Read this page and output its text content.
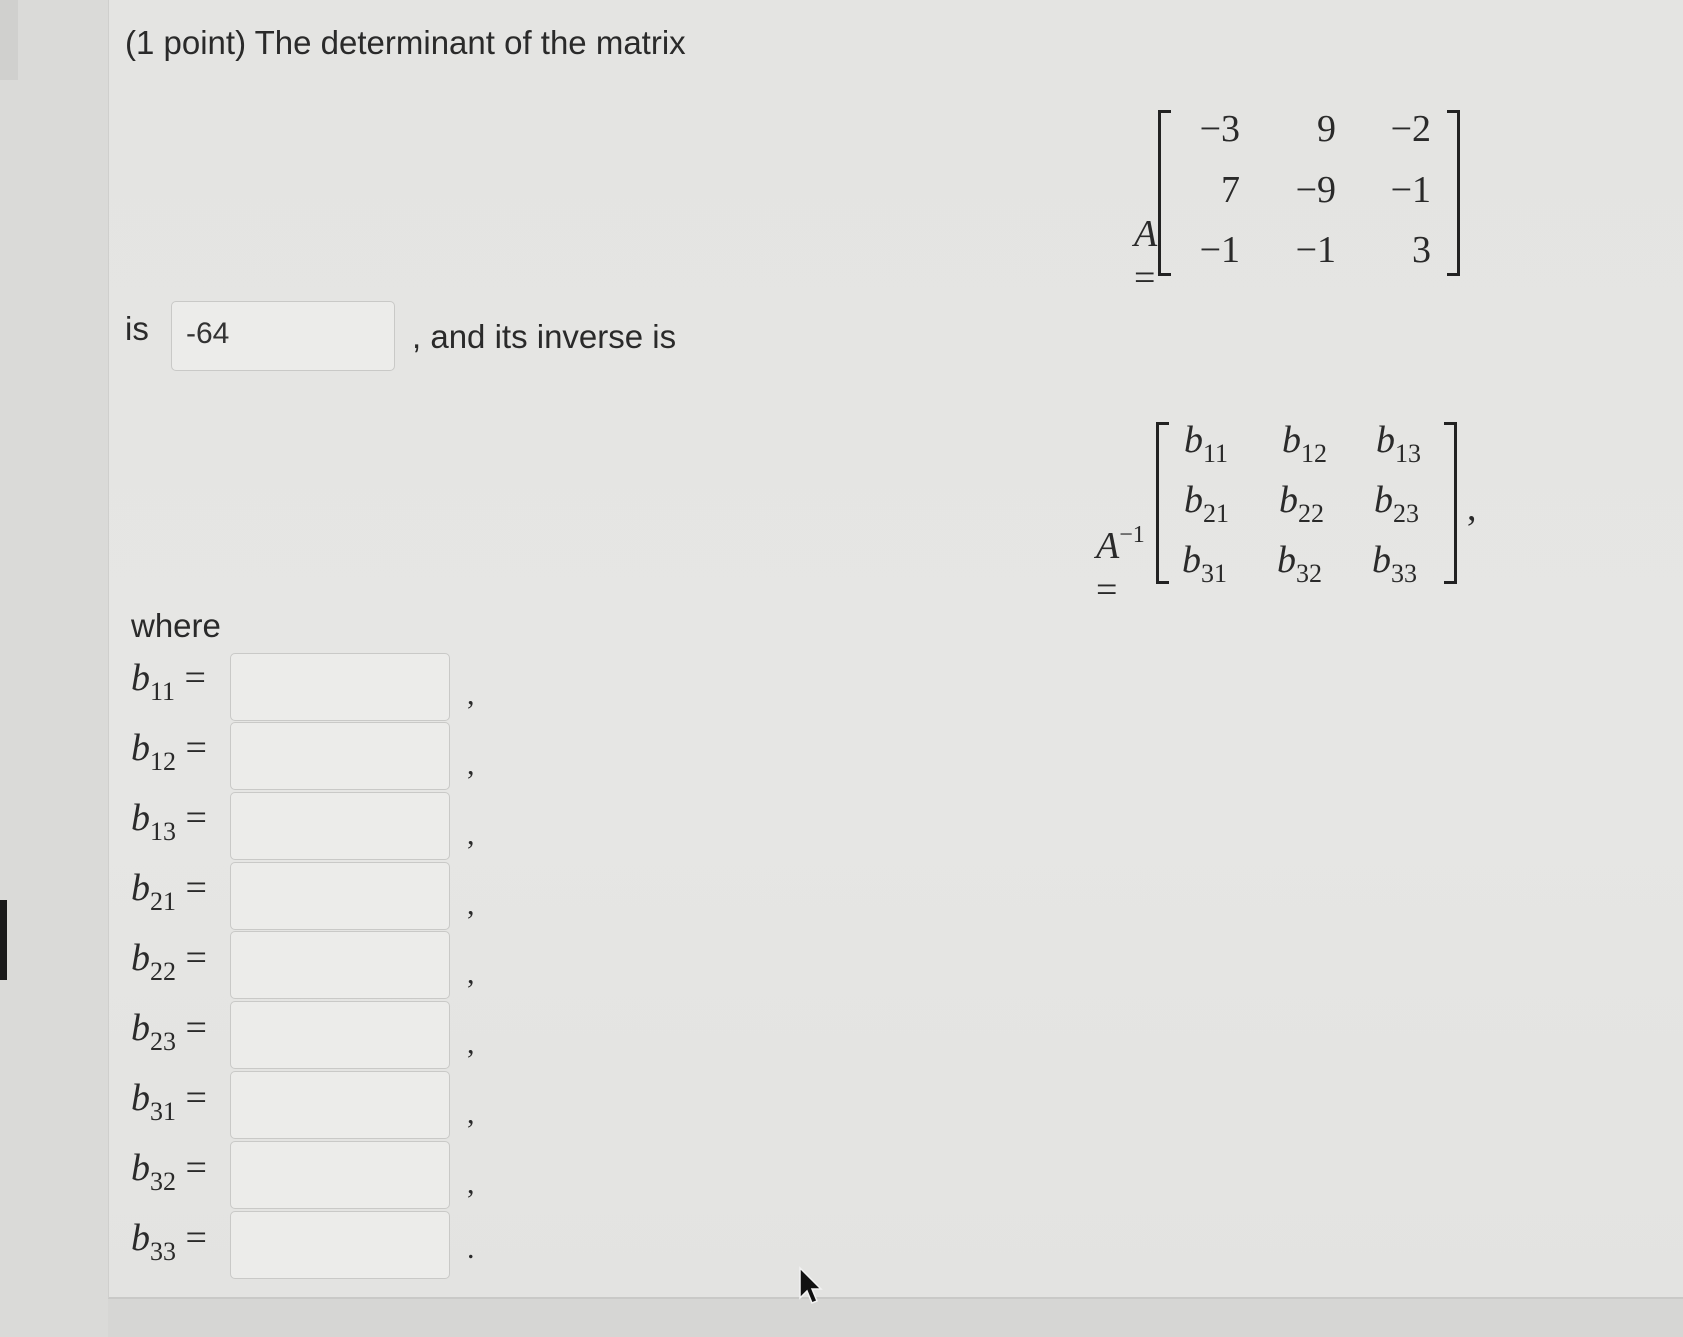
(1 point) The determinant of the matrix

A
=

−3	9	−2
7	−9	−1
−1	−1	3
is	-64	, and its inverse is

$A^{-1}$
=

,
$b_{11}$ $b_{12}$ $b_{13}$
$b_{21}$ $b_{22}$ $b_{23}$
$b_{31}$ $b_{32}$ $b_{33}$
where
$b_{11}$ =	,
$b_{12}$ =	,
$b_{13}$ =	,
$b_{21}$ =	,
$b_{22}$ =	,
$b_{23}$ =	,
$b_{31}$ =	,
$b_{32}$ =	,
$b_{33}$ =	.
